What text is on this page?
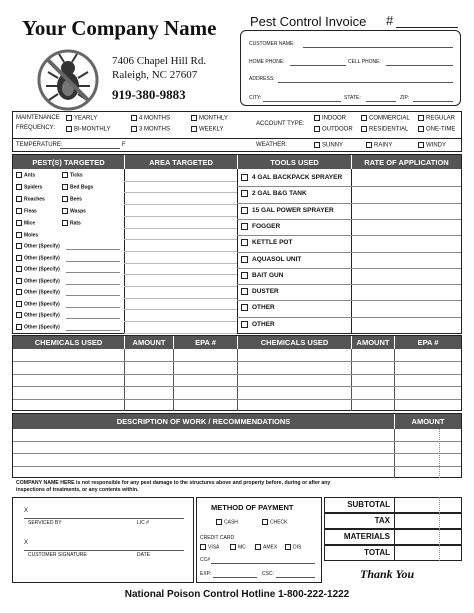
Your Company Name
7406 Chapel Hill Rd.
Raleigh, NC 27607
919-380-9883
Pest Control Invoice #
CUSTOMER NAME:
HOME PHONE:	CELL PHONE:
ADDRESS:
CITY:	STATE:	ZIP:
MAINTENANCE
FREQUENCY:
YEARLY	4 MONTHS	MONTHLY
BI-MONTHLY	3 MONTHS	WEEKLY
ACCOUNT TYPE:
INDOOR	COMMERCIAL	REGULAR
OUTDOOR	RESIDENTIAL	ONE-TIME
TEMPERATURE:	F	WEATHER:	SUNNY	RAINY	WINDY
PEST(S) TARGETED	AREA TARGETED	TOOLS USED	RATE OF APPLICATION
Ants	Ticks
Spiders	Bed Bugs
Roaches	Bees
Fleas	Wasps
Mice	Rats
Moles
Other (Specify)
Other (Specify)
Other (Specify)
Other (Specify)
Other (Specify)
Other (Specify)
Other (Specify)
Other (Specify)
4 GAL BACKPACK SPRAYER
2 GAL B&G TANK
15 GAL POWER SPRAYER
FOGGER
KETTLE POT
AQUASOL UNIT
BAIT GUN
DUSTER
OTHER
OTHER
CHEMICALS USED	AMOUNT	EPA #	CHEMICALS USED	AMOUNT	EPA #
DESCRIPTION OF WORK / RECOMMENDATIONS	AMOUNT
COMPANY NAME HERE is not responsible for any pest damage to the structures above and property before, during or after any inspections of treatments, or any contents within.
X
SERVICED BY	LIC #
X
CUSTOMER SIGNATURE	DATE
METHOD OF PAYMENT
CASH	CHECK
CREDIT CARD
VISA	MC	AMEX	DIS
CC#
EXP:	CSC:
SUBTOTAL
TAX
MATERIALS
TOTAL
Thank You
National Poison Control Hotline 1-800-222-1222
